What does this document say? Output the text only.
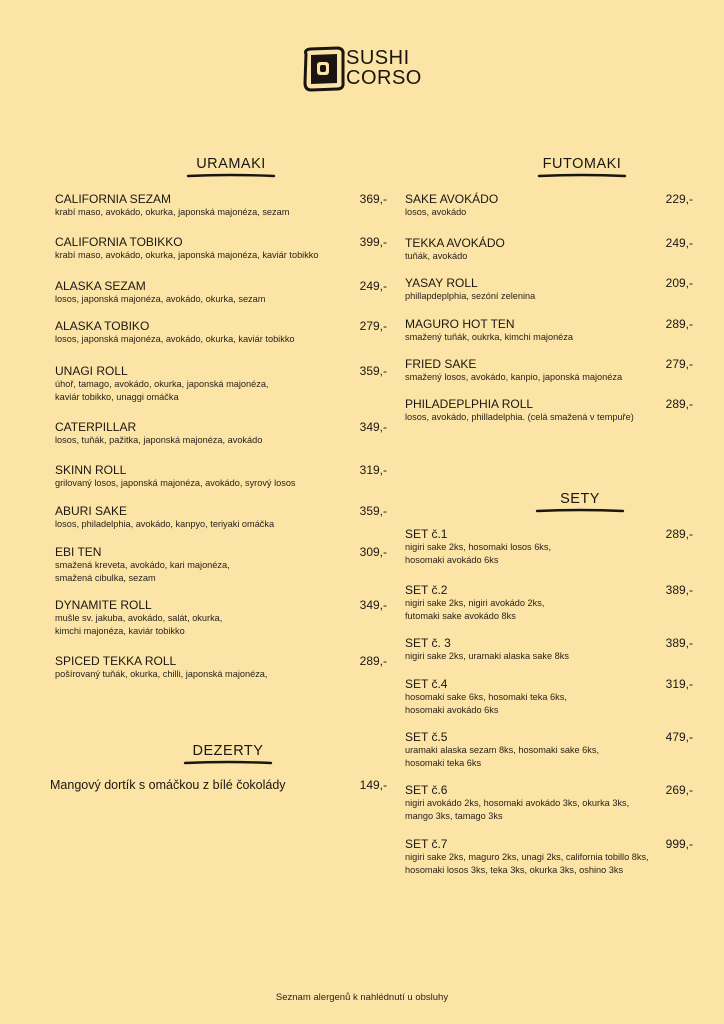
SUSHI
CORSO
URAMAKI	FUTOMAKI
SETY
DEZERTY
CALIFORNIA SEZAM	369,-
krabí maso, avokádo, okurka, japonská majonéza, sezam
CALIFORNIA TOBIKKO	399,-
krabí maso, avokádo, okurka, japonská majonéza, kaviár tobikko
ALASKA SEZAM	249,-
losos, japonská majonéza, avokádo, okurka, sezam
ALASKA TOBIKO	279,-
losos, japonská majonéza, avokádo, okurka, kaviár tobikko
UNAGI ROLL	359,-
úhoř, tamago, avokádo, okurka, japonská majonéza,
kaviár tobikko, unaggi omáčka
CATERPILLAR	349,-
losos, tuňák, pažitka, japonská majonéza, avokádo
SKINN ROLL	319,-
grilovaný losos, japonská majonéza, avokádo, syrový losos
ABURI SAKE	359,-
losos, philadelphia, avokádo, kanpyo, teriyaki omáčka
EBI TEN	309,-
smažená kreveta, avokádo, kari majonéza,
smažená cibulka, sezam
DYNAMITE ROLL	349,-
mušle sv. jakuba, avokádo, salát, okurka,
kimchi majonéza, kaviár tobikko
SPICED TEKKA ROLL	289,-
pošírovaný tuňák, okurka, chilli, japonská majonéza,
SAKE AVOKÁDO	229,-
losos, avokádo
TEKKA AVOKÁDO	249,-
tuňák, avokádo
YASAY ROLL	209,-
phillapdeplphia, sezóní zelenina
MAGURO HOT TEN	289,-
smažený tuňák, oukrka, kimchi majonéza
FRIED SAKE	279,-
smažený losos, avokádo, kanpio, japonská majonéza
PHILADEPLPHIA ROLL	289,-
losos, avokádo, philladelphia. (celá smažená v tempuře)
SET č.1	289,-
nigiri sake 2ks, hosomaki losos 6ks,
hosomaki avokádo 6ks
SET č.2	389,-
nigiri sake 2ks, nigiri avokádo 2ks,
futomaki sake avokádo 8ks
SET č. 3	389,-
nigiri sake 2ks, uramaki alaska sake 8ks
SET č.4	319,-
hosomaki sake 6ks, hosomaki teka 6ks,
hosomaki avokádo 6ks
SET č.5	479,-
uramaki alaska sezam 8ks, hosomaki sake 6ks,
hosomaki teka 6ks
SET č.6	269,-
nigiri avokádo 2ks, hosomaki avokádo 3ks, okurka 3ks,
mango 3ks, tamago 3ks
SET č.7	999,-
nigiri sake 2ks, maguro 2ks, unagi 2ks, california tobillo 8ks,
hosomaki losos 3ks, teka 3ks, okurka 3ks, oshino 3ks
Mangový dortík s omáčkou z bílé čokolády	149,-
Seznam alergenů k nahlédnutí u obsluhy
